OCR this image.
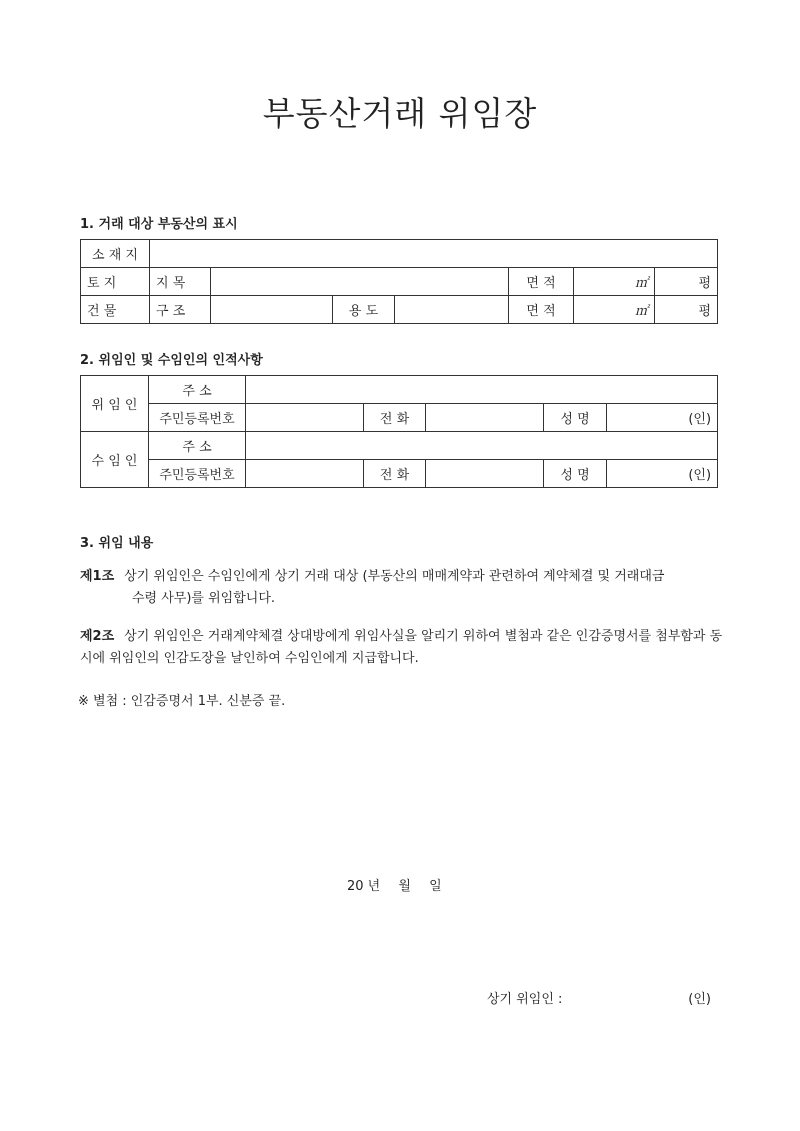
부동산거래 위임장

1. 거래 대상 부동산의 표시

소 재 지							

토 지	지 목				면 적	㎡	평
건 물	구 조		용 도		면 적	㎡	평

2. 위임인 및 수임인의 인적사항

위 임 인	주 소					
	주민등록번호		전 화		성 명	(인)
수 임 인	주 소					
	주민등록번호		전 화		성 명	(인)

3. 위임 내용

제1조 상기 위임인은 수임인에게 상기 거래 대상 (부동산의 매매계약과 관련하여 계약체결 및 거래대금
수령 사무)를 위임합니다.

제2조 상기 위임인은 거래계약체결 상대방에게 위임사실을 알리기 위하여 별첨과 같은 인감증명서를 첨부함과 동시에 위임인의 인감도장을 날인하여 수임인에게 지급합니다.

※ 별첨 : 인감증명서 1부. 신분증 끝.

20 년 월 일
상기 위임인 :	(인)
